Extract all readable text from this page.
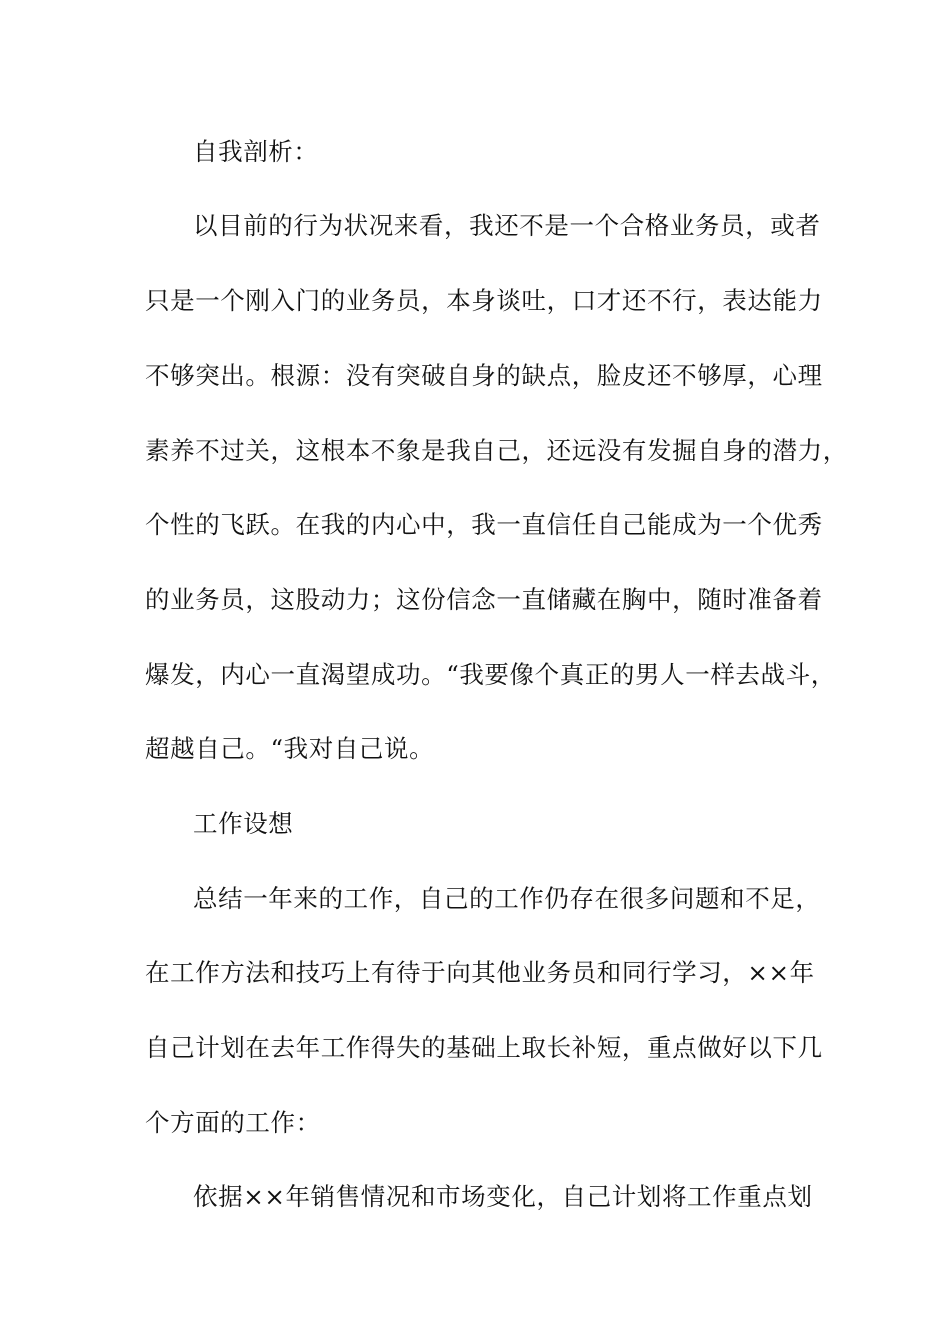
自我剖析：

以目前的行为状况来看，我还不是一个合格业务员，或者

只是一个刚入门的业务员，本身谈吐，口才还不行，表达能力

不够突出。根源：没有突破自身的缺点，脸皮还不够厚，心理

素养不过关，这根本不象是我自己，还远没有发掘自身的潜力，

个性的飞跃。在我的内心中，我一直信任自己能成为一个优秀

的业务员，这股动力；这份信念一直储藏在胸中，随时准备着

爆发，内心一直渴望成功。“我要像个真正的男人一样去战斗，

超越自己。“我对自己说。

工作设想

总结一年来的工作，自己的工作仍存在很多问题和不足，

在工作方法和技巧上有待于向其他业务员和同行学习，××年

自己计划在去年工作得失的基础上取长补短，重点做好以下几

个方面的工作：

依据××年销售情况和市场变化，自己计划将工作重点划
